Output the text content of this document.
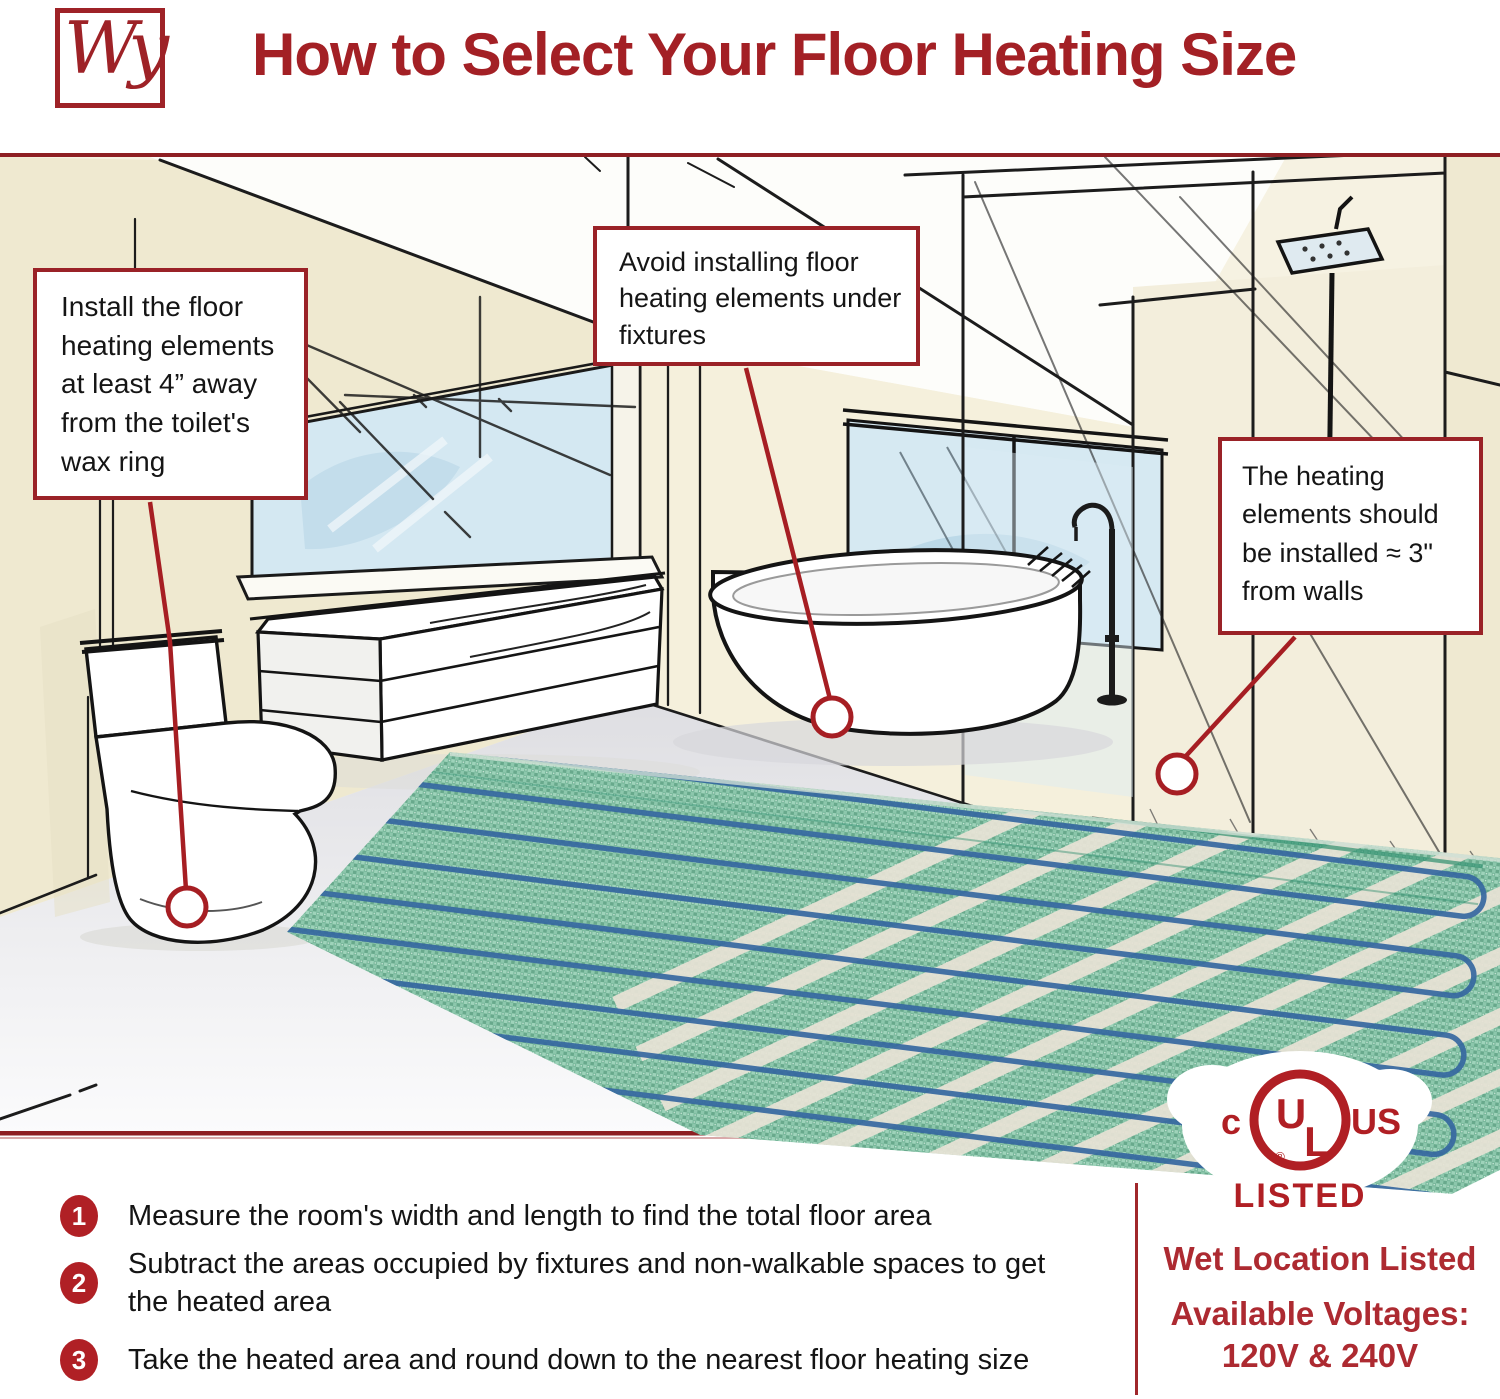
Wy How to Select Your Floor Heating Size
U
L
®
c	US
LISTED
Install the floor heating elements at least 4” away from the toilet's wax ring
Avoid installing floor heating elements under fixtures
The heating elements should be installed ≈ 3" from walls
1	Measure the room's width and length to find the total floor area
2
Subtract the areas occupied by fixtures and non-walkable spaces to get the heated area
3	Take the heated area and round down to the nearest floor heating size
Wet Location Listed
Available Voltages:
120V & 240V
